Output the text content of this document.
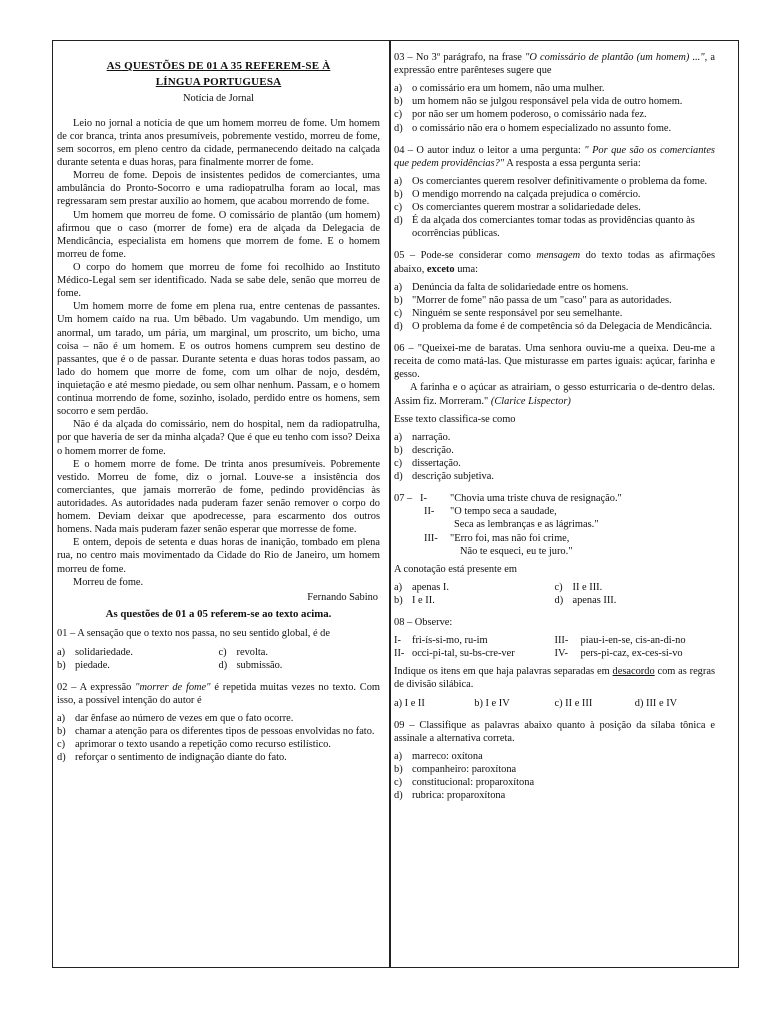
AS QUESTÕES DE 01 A 35 REFEREM-SE À
LÍNGUA PORTUGUESA
Notícia de Jornal

Leio no jornal a notícia de que um homem morreu de fome. Um homem de cor branca, trinta anos presumíveis, pobremente vestido, morreu de fome, sem socorros, em pleno centro da cidade, permanecendo deitado na calçada durante setenta e duas horas, para finalmente morrer de fome.

Morreu de fome. Depois de insistentes pedidos de comerciantes, uma ambulância do Pronto-Socorro e uma radiopatrulha foram ao local, mas regressaram sem prestar auxílio ao homem, que acabou morrendo de fome.

Um homem que morreu de fome. O comissário de plantão (um homem) afirmou que o caso (morrer de fome) era de alçada da Delegacia de Mendicância, especialista em homens que morrem de fome. E o homem morreu de fome.

O corpo do homem que morreu de fome foi recolhido ao Instituto Médico-Legal sem ser identificado. Nada se sabe dele, senão que morreu de fome.

Um homem morre de fome em plena rua, entre centenas de passantes. Um homem caído na rua. Um bêbado. Um vagabundo. Um mendigo, um anormal, um tarado, um pária, um marginal, um proscrito, um bicho, uma coisa – não é um homem. E os outros homens cumprem seu destino de passantes, que é o de passar. Durante setenta e duas horas todos passam, ao lado do homem que morre de fome, com um olhar de nojo, desdém, inquietação e até mesmo piedade, ou sem olhar nenhum. Passam, e o homem continua morrendo de fome, sozinho, isolado, perdido entre os homens, sem socorro e sem perdão.

Não é da alçada do comissário, nem do hospital, nem da radiopatrulha, por que haveria de ser da minha alçada? Que é que eu tenho com isso? Deixa o homem morrer de fome.

E o homem morre de fome. De trinta anos presumíveis. Pobremente vestido. Morreu de fome, diz o jornal. Louve-se a insistência dos comerciantes, que jamais morrerão de fome, pedindo providências às autoridades. As autoridades nada puderam fazer senão remover o corpo do homem. Deviam deixar que apodrecesse, para escarmento dos outros homens. Nada mais puderam fazer senão esperar que morresse de fome.

E ontem, depois de setenta e duas horas de inanição, tombado em plena rua, no centro mais movimentado da Cidade do Rio de Janeiro, um homem morreu de fome.

Morreu de fome.

Fernando Sabino
As questões de 01 a 05 referem-se ao texto acima.

01 – A sensação que o texto nos passa, no seu sentido global, é de

a) solidariedade.	c) revolta.
b) piedade.	d) submissão.

02 – A expressão "morrer de fome" é repetida muitas vezes no texto. Com isso, a possível intenção do autor é

a) dar ênfase ao número de vezes em que o fato ocorre.
b) chamar a atenção para os diferentes tipos de pessoas envolvidas no fato.
c) aprimorar o texto usando a repetição como recurso estilístico.
d) reforçar o sentimento de indignação diante do fato.

03 – No 3º parágrafo, na frase "O comissário de plantão (um homem) ...", a expressão entre parênteses sugere que

a) o comissário era um homem, não uma mulher.
b) um homem não se julgou responsável pela vida de outro homem.
c) por não ser um homem poderoso, o comissário nada fez.
d) o comissário não era o homem especializado no assunto fome.

04 – O autor induz o leitor a uma pergunta: " Por que são os comerciantes que pedem providências?" A resposta a essa pergunta seria:

a) Os comerciantes querem resolver definitivamente o problema da fome.
b) O mendigo morrendo na calçada prejudica o comércio.
c) Os comerciantes querem mostrar a solidariedade deles.
d) É da alçada dos comerciantes tomar todas as providências quanto às ocorrências públicas.

05 – Pode-se considerar como mensagem do texto todas as afirmações abaixo, exceto uma:

a) Denúncia da falta de solidariedade entre os homens.
b) "Morrer de fome" não passa de um "caso" para as autoridades.
c) Ninguém se sente responsável por seu semelhante.
d) O problema da fome é de competência só da Delegacia de Mendicância.

06 – "Queixei-me de baratas. Uma senhora ouviu-me a queixa. Deu-me a receita de como matá-las. Que misturasse em partes iguais: açúcar, farinha e gesso.

A farinha e o açúcar as atrairiam, o gesso esturricaria o de-dentro delas. Assim fiz. Morreram." (Clarice Lispector)

Esse texto classifica-se como

a) narração.
b) descrição.
c) dissertação.
d) descrição subjetiva.
07 – I-	"Chovia uma triste chuva de resignação."
II-	"O tempo seca a saudade,
Seca as lembranças e as lágrimas."
III-	"Erro foi, mas não foi crime,
Não te esqueci, eu te juro."

A conotação está presente em

a) apenas I.	c) II e III.
b) I e II.	d) apenas III.

08 – Observe:

I- fri-ís-si-mo, ru-im	III- piau-i-en-se, cis-an-di-no
II- occi-pi-tal, su-bs-cre-ver	IV- pers-pi-caz, ex-ces-si-vo

Indique os itens em que haja palavras separadas em desacordo com as regras de divisão silábica.

a) I e II	b) I e IV	c) II e III	d) III e IV

09 – Classifique as palavras abaixo quanto à posição da sílaba tônica e assinale a alternativa correta.

a) marreco: oxítona
b) companheiro: paroxítona
c) constitucional: proparoxítona
d) rubrica: proparoxítona
